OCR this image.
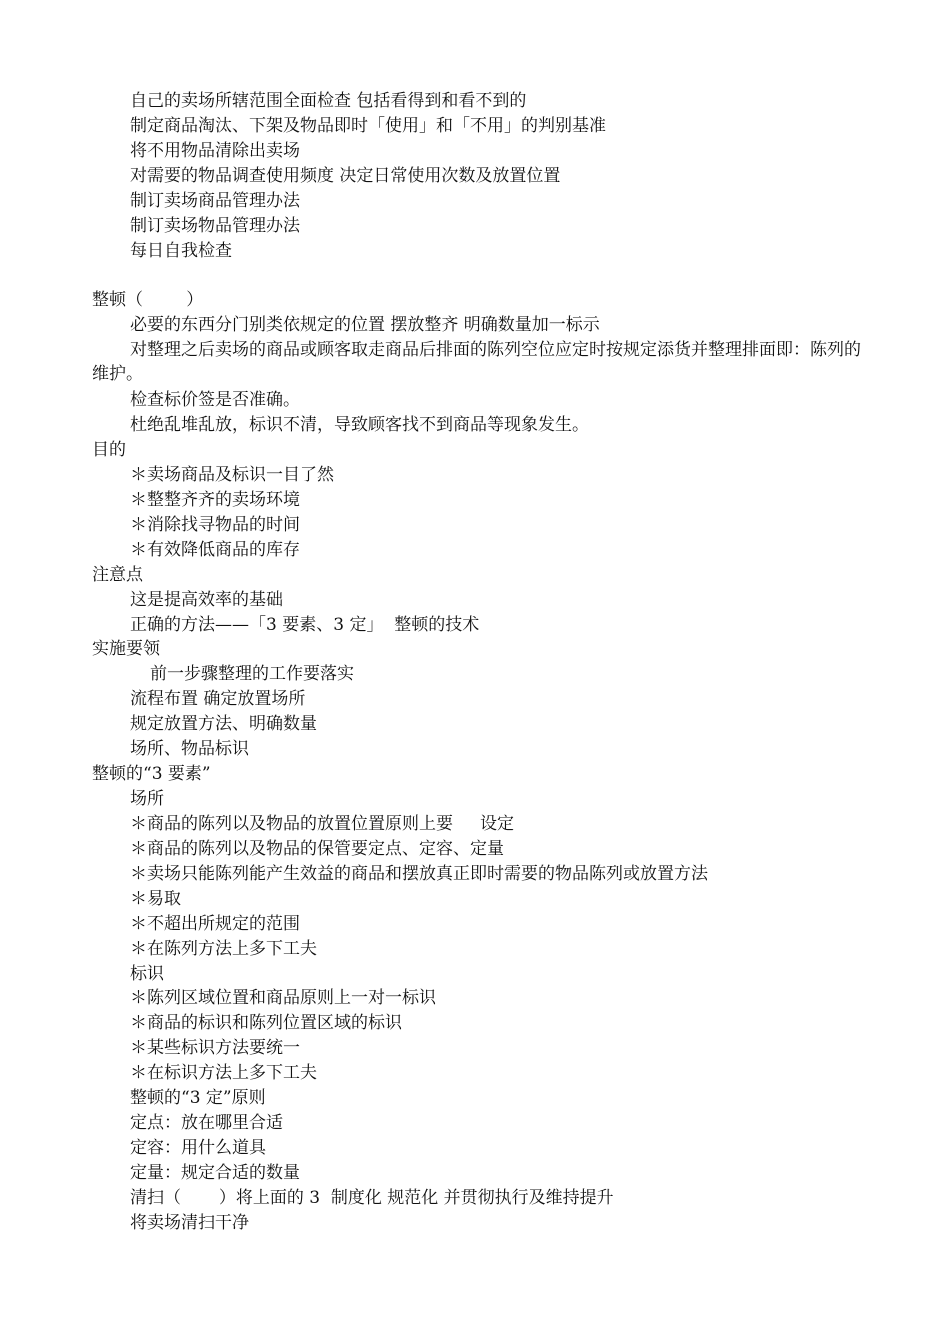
自己的卖场所辖范围全面检查 包括看得到和看不到的
制定商品淘汰、下架及物品即时「使用」和「不用」的判别基准
将不用物品清除出卖场
对需要的物品调查使用频度 决定日常使用次数及放置位置
制订卖场商品管理办法
制订卖场物品管理办法
每日自我检查
整顿（        ）
必要的东西分门别类依规定的位置 摆放整齐 明确数量加一标示
对整理之后卖场的商品或顾客取走商品后排面的陈列空位应定时按规定添货并整理排面即：陈列的维护。
检查标价签是否准确。
杜绝乱堆乱放，标识不清，导致顾客找不到商品等现象发生。
目的
＊卖场商品及标识一目了然
＊整整齐齐的卖场环境
＊消除找寻物品的时间
＊有效降低商品的库存
注意点
这是提高效率的基础
正确的方法——「3 要素、3 定」  整顿的技术
实施要领
前一步骤整理的工作要落实
流程布置 确定放置场所
规定放置方法、明确数量
场所、物品标识
整顿的“3 要素”
场所
＊商品的陈列以及物品的放置位置原则上要     设定
＊商品的陈列以及物品的保管要定点、定容、定量
＊卖场只能陈列能产生效益的商品和摆放真正即时需要的物品陈列或放置方法
＊易取
＊不超出所规定的范围
＊在陈列方法上多下工夫
标识
＊陈列区域位置和商品原则上一对一标识
＊商品的标识和陈列位置区域的标识
＊某些标识方法要统一
＊在标识方法上多下工夫
整顿的“3 定”原则
定点：放在哪里合适
定容：用什么道具
定量：规定合适的数量
清扫（       ）将上面的 3  制度化 规范化 并贯彻执行及维持提升
将卖场清扫干净
